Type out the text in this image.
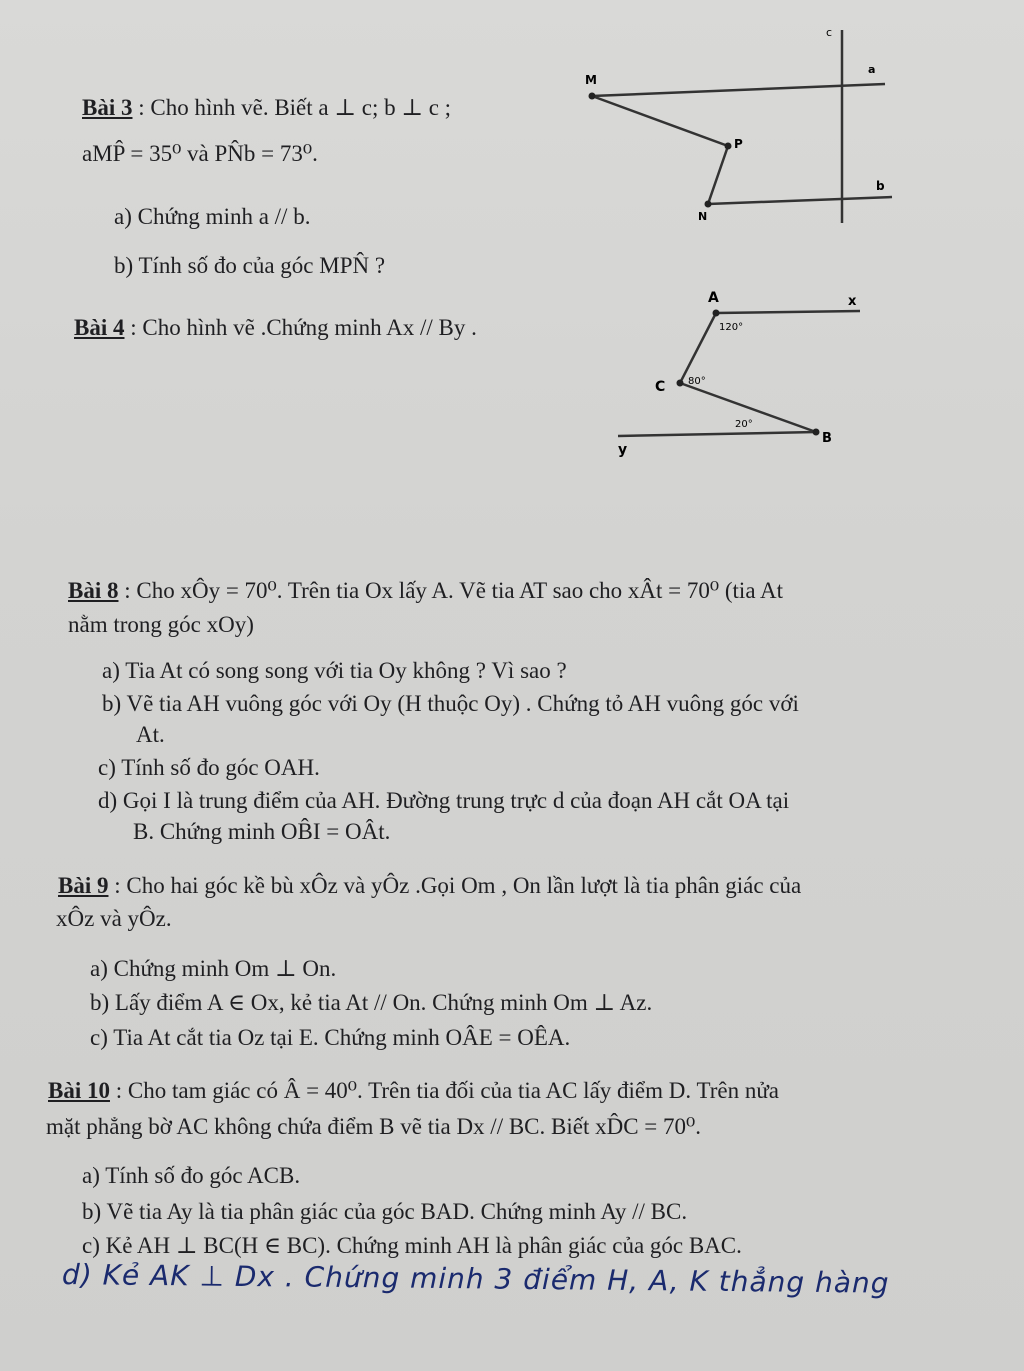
Bài 3 : Cho hình vẽ. Biết a ⊥ c; b ⊥ c ;
aMP̂ = 35⁰ và PN̂b = 73⁰.
a) Chứng minh a // b.
b) Tính số đo của góc MPN̂ ?
c
a
b
M
P
N
Bài 4 : Cho hình vẽ .Chứng minh Ax // By .
A	x
C
y
B
120°
80°
20°
Bài 8 : Cho xÔy = 70⁰. Trên tia Ox lấy A. Vẽ tia AT sao cho xÂt = 70⁰ (tia At
nằm trong góc xOy)
a) Tia At có song song với tia Oy không ? Vì sao ?
b) Vẽ tia AH vuông góc với Oy (H thuộc Oy) . Chứng tỏ AH vuông góc với
At.
c) Tính số đo góc OAH.
d) Gọi I là trung điểm của AH. Đường trung trực d của đoạn AH cắt OA tại
B. Chứng minh OB̂I = OÂt.
Bài 9 : Cho hai góc kề bù xÔz và yÔz .Gọi Om , On lần lượt là tia phân giác của
xÔz và yÔz.
a) Chứng minh Om ⊥ On.
b) Lấy điểm A ∈ Ox, kẻ tia At // On. Chứng minh Om ⊥ Az.
c) Tia At cắt tia Oz tại E. Chứng minh OÂE = OÊA.
Bài 10 : Cho tam giác có Â = 40⁰. Trên tia đối của tia AC lấy điểm D. Trên nửa
mặt phẳng bờ AC không chứa điểm B vẽ tia Dx // BC. Biết xD̂C = 70⁰.
a) Tính số đo góc ACB.
b) Vẽ tia Ay là tia phân giác của góc BAD. Chứng minh Ay // BC.
c) Kẻ AH ⊥ BC(H ∈ BC). Chứng minh AH là phân giác của góc BAC.
d) Kẻ AK ⊥ Dx . Chứng minh 3 điểm H, A, K thẳng hàng
